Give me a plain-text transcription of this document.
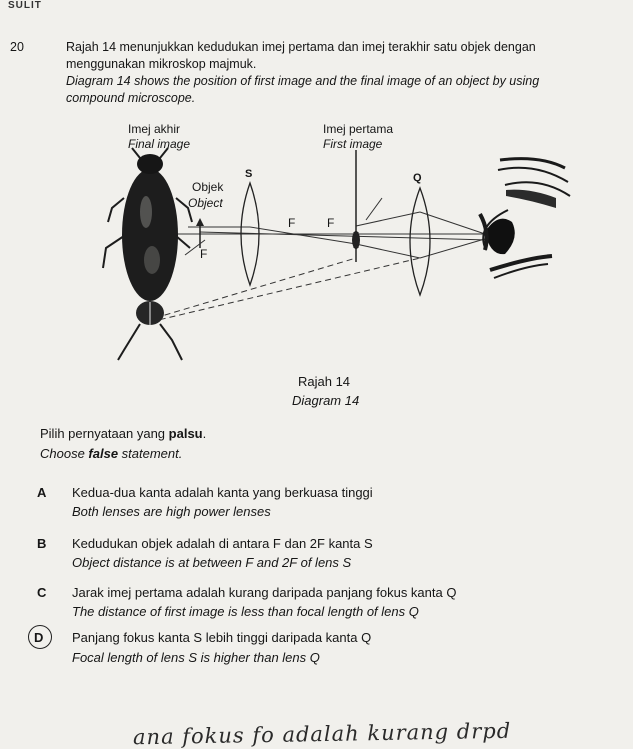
SULIT
20	Rajah 14 menunjukkan kedudukan imej pertama dan imej terakhir satu objek dengan
menggunakan mikroskop majmuk.
Diagram 14 shows the position of first image and the final image of an object by using
compound microscope.
Imej akhir
Final image
Imej pertama
First image
Objek
Object
S	Q
F
F	F
Rajah 14
Diagram 14
Pilih pernyataan yang palsu.
Choose false statement.
A Kedua-dua kanta adalah kanta yang berkuasa tinggi
Both lenses are high power lenses
B Kedudukan objek adalah di antara F dan 2F kanta S
Object distance is at between F and 2F of lens S
C Jarak imej pertama adalah kurang daripada panjang fokus kanta Q
The distance of first image is less than focal length of lens Q
D Panjang fokus kanta S lebih tinggi daripada kanta Q
Focal length of lens S is higher than lens Q
ana fokus fo adalah kurang drpd
